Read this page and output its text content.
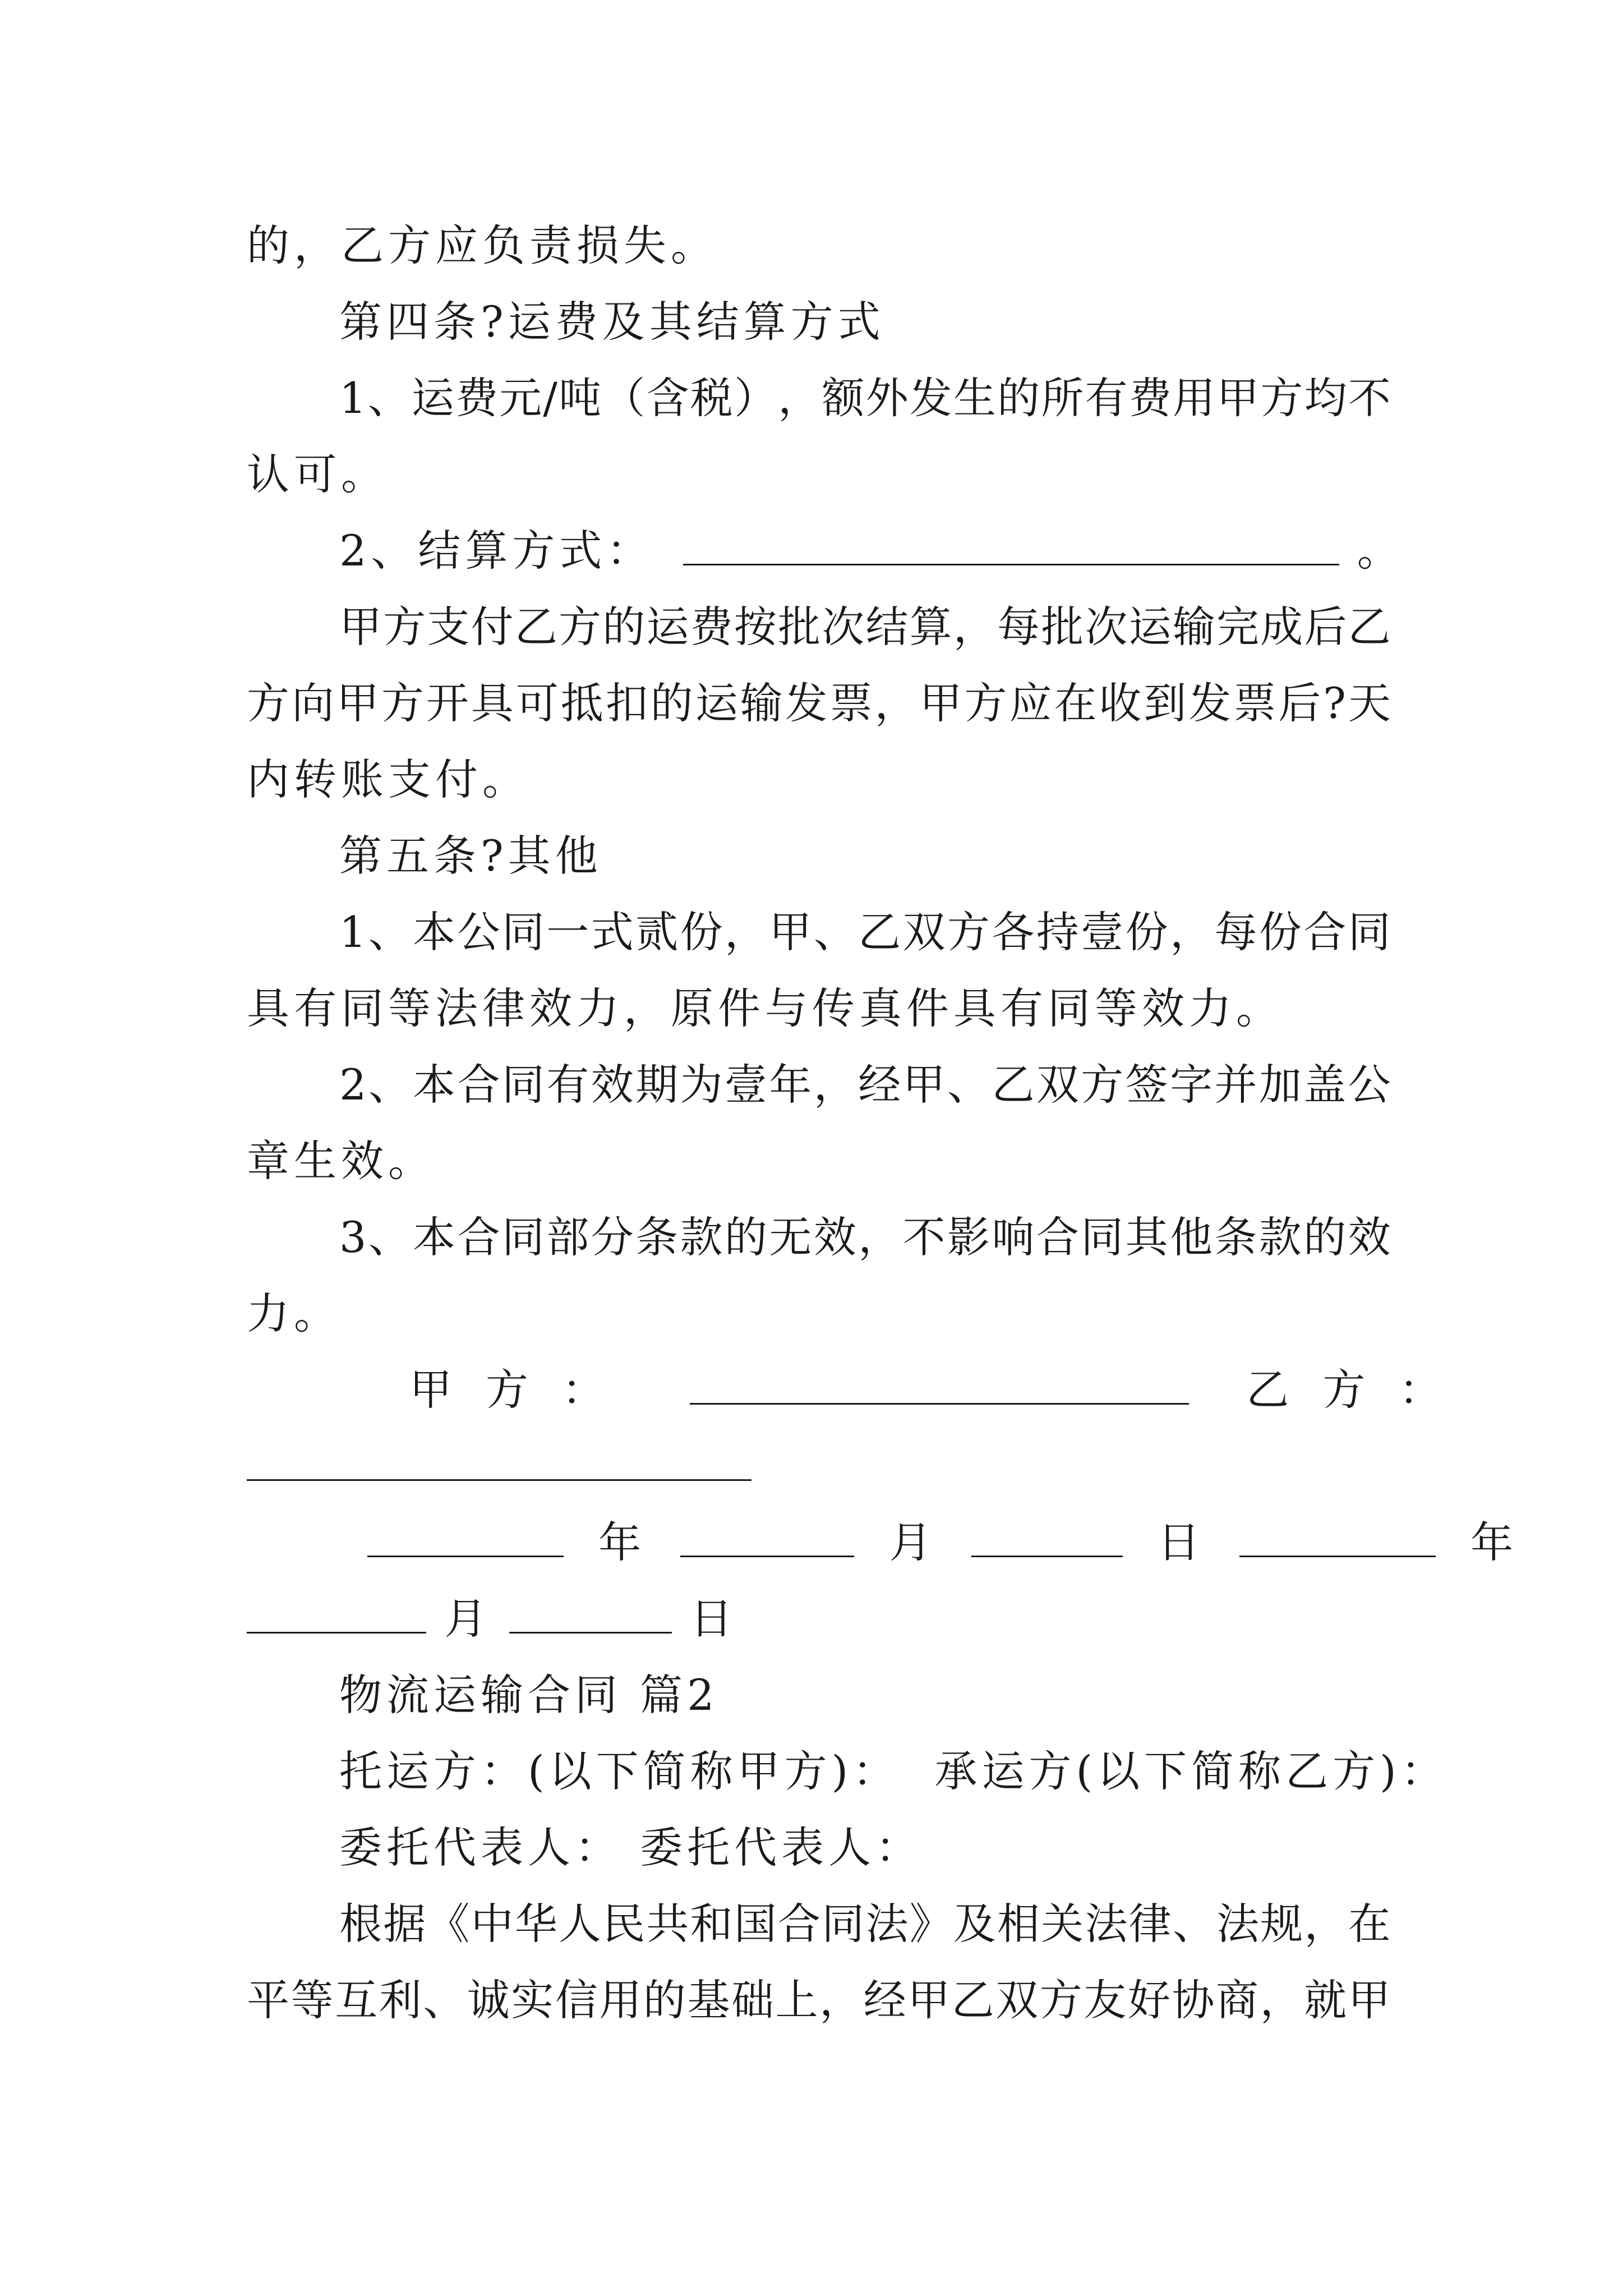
的，乙方应负责损失。
第四条?运费及其结算方式
1 、 运 费 元 / 吨 （ 含 税 ） ， 额 外 发 生 的 所 有 费 用 甲 方 均 不
认可。
2、结算方式：	。
甲 方 支 付 乙 方 的 运 费 按 批 次 结 算 ， 每 批 次 运 输 完 成 后 乙
方 向 甲 方 开 具 可 抵 扣 的 运 输 发 票 ， 甲 方 应 在 收 到 发 票 后 ? 天
内转账支付。
第五条?其他
1 、 本 公 同 一 式 贰 份 ， 甲 、 乙 双 方 各 持 壹 份 ， 每 份 合 同
具有同等法律效力，原件与传真件具有同等效力。
2 、 本 合 同 有 效 期 为 壹 年 ， 经 甲 、 乙 双 方 签 字 并 加 盖 公
章生效。
3 、 本 合 同 部 分 条 款 的 无 效 ， 不 影 响 合 同 其 他 条 款 的 效
力。
甲方：	乙方：
年	月	日	年
月	日
物流运输合同 篇2
托运方：(以下简称甲方)： 承运方(以下简称乙方)：
委托代表人： 委托代表人：
根 据 《 中 华 人 民 共 和 国 合 同 法 》 及 相 关 法 律 、 法 规 ， 在
平 等 互 利 、 诚 实 信 用 的 基 础 上 ， 经 甲 乙 双 方 友 好 协 商 ， 就 甲
